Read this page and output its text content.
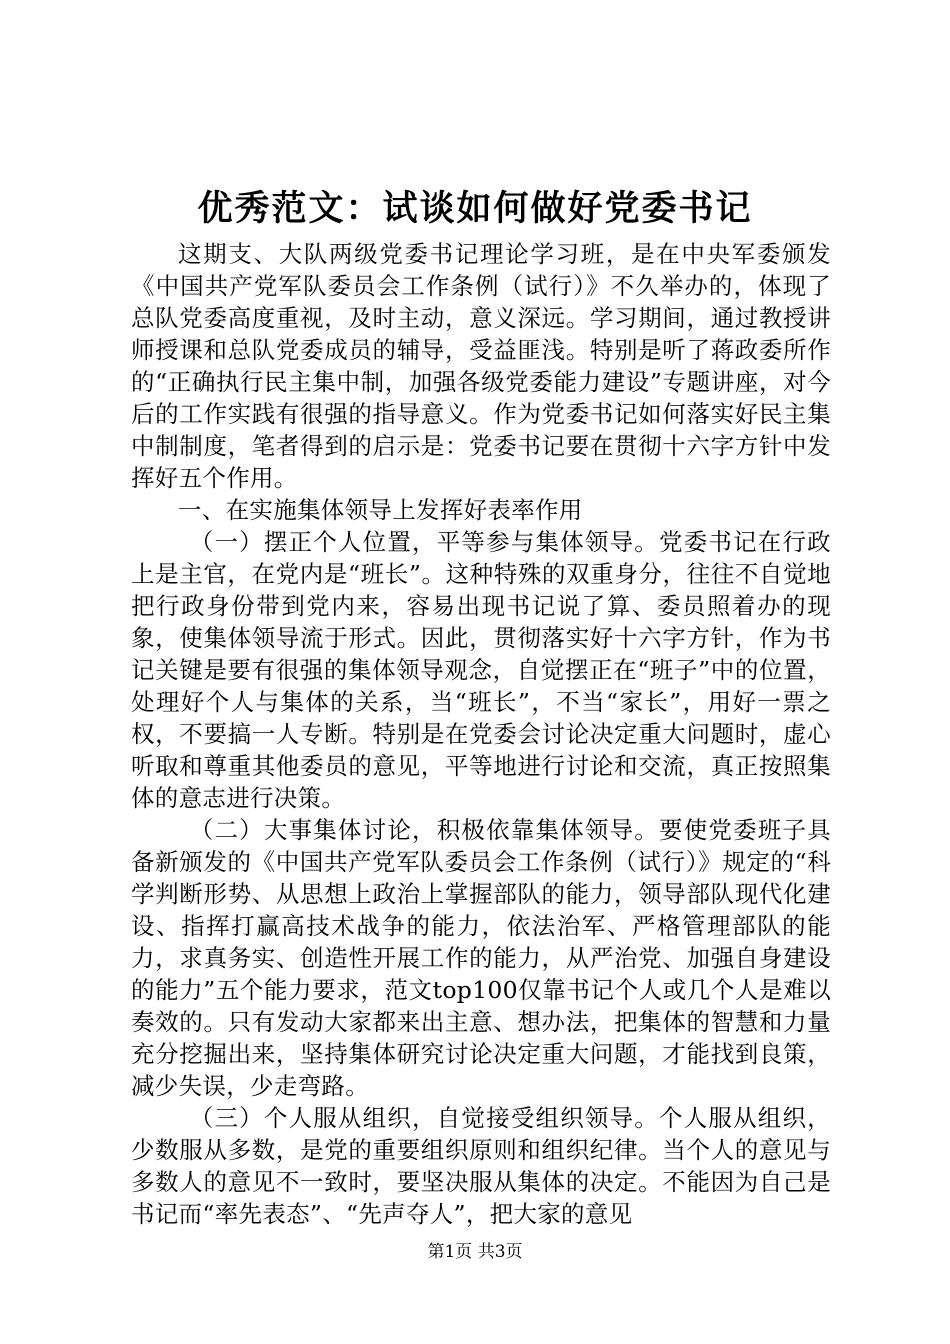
优秀范文：试谈如何做好党委书记

这期支、大队两级党委书记理论学习班，是在中央军委颁发《中国共产党军队委员会工作条例（试行）》不久举办的，体现了总队党委高度重视，及时主动，意义深远。学习期间，通过教授讲师授课和总队党委成员的辅导，受益匪浅。特别是听了蒋政委所作的“正确执行民主集中制，加强各级党委能力建设”专题讲座，对今后的工作实践有很强的指导意义。作为党委书记如何落实好民主集中制制度，笔者得到的启示是：党委书记要在贯彻十六字方针中发挥好五个作用。

一、在实施集体领导上发挥好表率作用

（一）摆正个人位置，平等参与集体领导。党委书记在行政上是主官，在党内是“班长”。这种特殊的双重身分，往往不自觉地把行政身份带到党内来，容易出现书记说了算、委员照着办的现象，使集体领导流于形式。因此，贯彻落实好十六字方针，作为书记关键是要有很强的集体领导观念，自觉摆正在“班子”中的位置，处理好个人与集体的关系，当“班长”，不当“家长”，用好一票之权，不要搞一人专断。特别是在党委会讨论决定重大问题时，虚心听取和尊重其他委员的意见，平等地进行讨论和交流，真正按照集体的意志进行决策。

（二）大事集体讨论，积极依靠集体领导。要使党委班子具备新颁发的《中国共产党军队委员会工作条例（试行）》规定的“科学判断形势、从思想上政治上掌握部队的能力，领导部队现代化建设、指挥打赢高技术战争的能力，依法治军、严格管理部队的能力，求真务实、创造性开展工作的能力，从严治党、加强自身建设的能力”五个能力要求，范文top100仅靠书记个人或几个人是难以奏效的。只有发动大家都来出主意、想办法，把集体的智慧和力量充分挖掘出来，坚持集体研究讨论决定重大问题，才能找到良策，减少失误，少走弯路。

（三）个人服从组织，自觉接受组织领导。个人服从组织，少数服从多数，是党的重要组织原则和组织纪律。当个人的意见与多数人的意见不一致时，要坚决服从集体的决定。不能因为自己是书记而“率先表态”、“先声夺人”，把大家的意见

第1页 共3页
